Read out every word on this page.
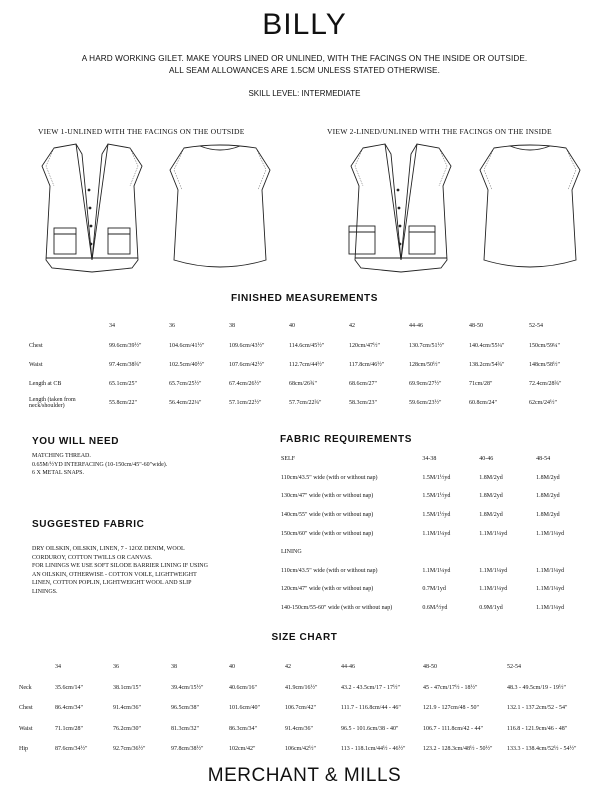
BILLY
A HARD WORKING GILET. MAKE YOURS LINED OR UNLINED, WITH THE FACINGS ON THE INSIDE OR OUTSIDE.
ALL SEAM ALLOWANCES ARE 1.5CM UNLESS STATED OTHERWISE.
SKILL LEVEL: INTERMEDIATE
VIEW 1-UNLINED WITH THE FACINGS ON THE OUTSIDE	VIEW 2-LINED/UNLINED WITH THE FACINGS ON THE INSIDE
FINISHED MEASUREMENTS
	34	36	38	40	42	44-46	48-50	52-54
Chest	99.6cm/39½"	104.6cm/41½"	109.6cm/43½"	114.6cm/45½"	120cm/47½"	130.7cm/51½"	140.4cm/55¼"	150cm/59¼"
Waist	97.4cm/38¾"	102.5cm/40½"	107.6cm/42½"	112.7cm/44½"	117.8cm/46½"	128cm/50½"	138.2cm/54¾"	148cm/58½"
Length at CB	65.1cm/25"	65.7cm/25½"	67.4cm/26½"	68cm/26¾"	68.6cm/27"	69.9cm/27½"	71cm/28"	72.4cm/28¾"
Length (taken from neck/shoulder)	55.8cm/22"	56.4cm/22¼"	57.1cm/22½"	57.7cm/22¾"	58.3cm/23"	59.6cm/23½"	60.8cm/24"	62cm/24½"
YOU WILL NEED
MATCHING THREAD.
0.65M/½YD INTERFACING (10-150cm/45"-60"wide).
6 X METAL SNAPS.
SUGGESTED FABRIC
DRY OILSKIN, OILSKIN, LINEN, 7 - 12OZ DENIM, WOOL
CORDUROY, COTTON TWILLS OR CANVAS.
FOR LININGS WE USE SOFT SILODE BARRIER LINING IF USING
AN OILSKIN, OTHERWISE - COTTON VOILE, LIGHTWEIGHT
LINEN, COTTON POPLIN, LIGHTWEIGHT WOOL AND SLIP
LININGS.
FABRIC REQUIREMENTS
SELF	34-38	40-46	48-54
110cm/43.5" wide (with or without nap)	1.5M/1½yd	1.8M/2yd	1.8M/2yd
130cm/47" wide (with or without nap)	1.5M/1½yd	1.8M/2yd	1.8M/2yd
140cm/55" wide (with or without nap)	1.5M/1½yd	1.8M/2yd	1.8M/2yd
150cm/60" wide (with or without nap)	1.1M/1¼yd	1.1M/1¼yd	1.1M/1¼yd
LINING			
110cm/43.5" wide (with or without nap)	1.1M/1¼yd	1.1M/1¼yd	1.1M/1¼yd
120cm/47" wide (with or without nap)	0.7M/1yd	1.1M/1¼yd	1.1M/1¼yd
140-150cm/55-60" wide (with or without nap)	0.6M/½yd	0.9M/1yd	1.1M/1¼yd
SIZE CHART
	34	36	38	40	42	44-46	48-50	52-54
Neck	35.6cm/14"	38.1cm/15"	39.4cm/15½"	40.6cm/16"	41.9cm/16½"	43.2 - 43.5cm/17 - 17½"	45 - 47cm/17½ - 18½"	48.3 - 49.5cm/19 - 19½"
Chest	86.4cm/34"	91.4cm/36"	96.5cm/38"	101.6cm/40"	106.7cm/42"	111.7 - 116.8cm/44 - 46"	121.9 - 127cm/48 - 50"	132.1 - 137.2cm/52 - 54"
Waist	71.1cm/28"	76.2cm/30"	81.3cm/32"	86.3cm/34"	91.4cm/36"	96.5 - 101.6cm/38 - 40"	106.7 - 111.8cm/42 - 44"	116.8 - 121.9cm/46 - 48"
Hip	87.6cm/34½"	92.7cm/36½"	97.8cm/38½"	102cm/42"	106cm/42½"	113 - 118.1cm/44½ - 46½"	123.2 - 128.3cm/48½ - 50½"	133.3 - 138.4cm/52½ - 54½"
MERCHANT & MILLS
